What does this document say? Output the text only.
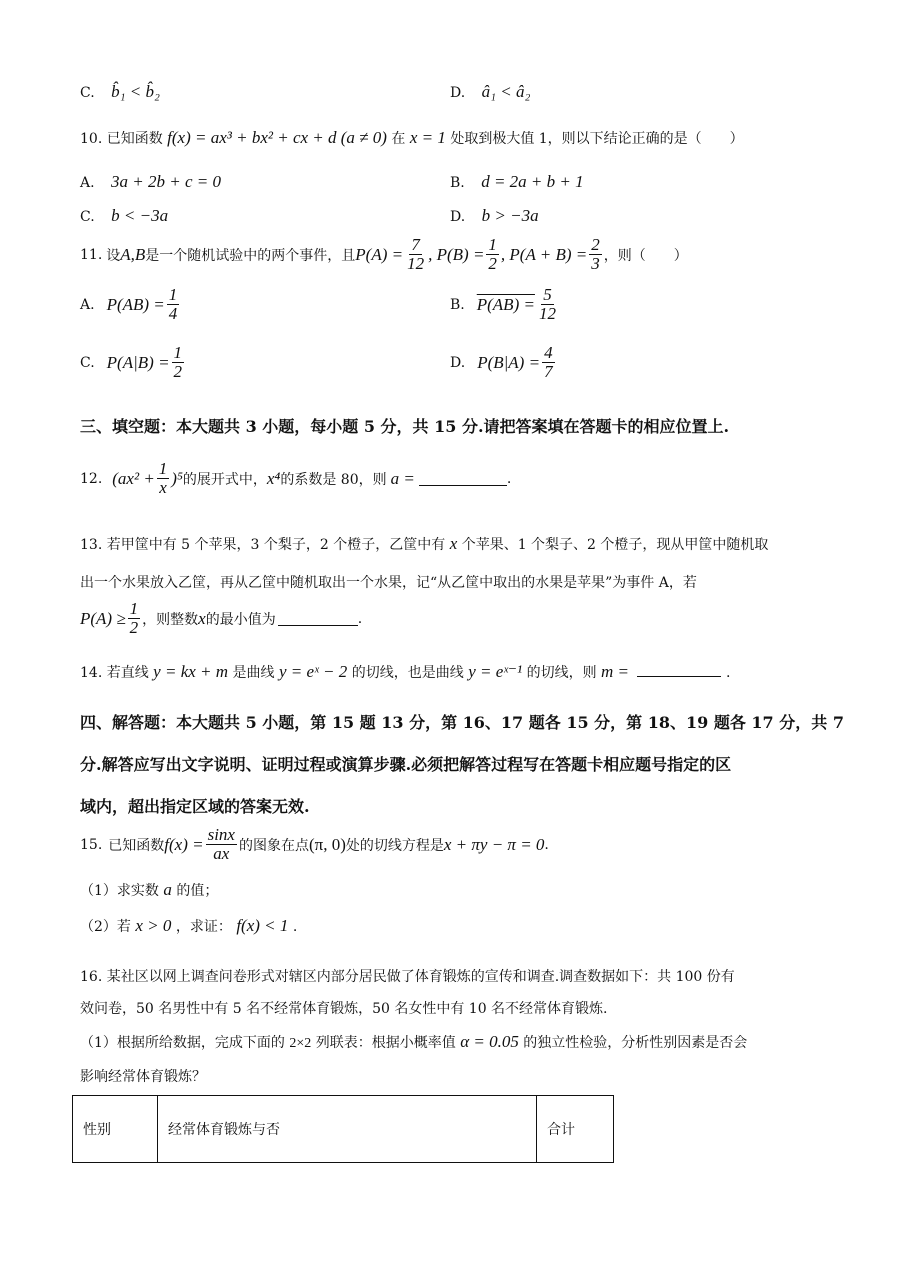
C. b̂₁ < b̂₂	D. â₁ < â₂
10. 已知函数 f(x) = ax³ + bx² + cx + d (a ≠ 0) 在 x = 1 处取到极大值 1，则以下结论正确的是（　　）
A. 3a + 2b + c = 0	B. d = 2a + b + 1
C. b < −3a	D. b > −3a
11. 设 A,B 是一个随机试验中的两个事件，且 $P(A) = \frac{7}{12}$ , $P(B) = \frac{1}{2}$ , $P(A + B) = \frac{2}{3}$ ，则（　　）
A. $P(AB) = \frac{1}{4}$	B. $P(AB) = \frac{5}{12}$
C. $P(A|B) = \frac{1}{2}$	D. $P(B|A) = \frac{4}{7}$
三、填空题：本大题共 3 小题，每小题 5 分，共 15 分.请把答案填在答题卡的相应位置上.
12. $(ax^2 + \frac{1}{x} )^5$ 的展开式中， x⁴ 的系数是 80，则 a =	.
13. 若甲筐中有 5 个苹果，3 个梨子，2 个橙子，乙筐中有 x 个苹果、1 个梨子、2 个橙子，现从甲筐中随机取
出一个水果放入乙筐，再从乙筐中随机取出一个水果，记“从乙筐中取出的水果是苹果”为事件 A，若
$P(A) \ge \frac{1}{2}$ ，则整数 x 的最小值为	.
14. 若直线 y = kx + m 是曲线 y = eˣ − 2 的切线，也是曲线 y = eˣ⁻¹ 的切线，则 m =	.
四、解答题：本大题共 5 小题，第 15 题 13 分，第 16、17 题各 15 分，第 18、19 题各 17 分，共 7
分.解答应写出文字说明、证明过程或演算步骤.必须把解答过程写在答题卡相应题号指定的区
域内，超出指定区域的答案无效.
15. 已知函数 $f(x) = \frac{\sin x}{ax}$ 的图象在点 (π, 0) 处的切线方程是 x + πy − π = 0 .
（1）求实数 a 的值；
（2）若 x > 0 ，求证： f(x) < 1 .
16. 某社区以网上调查问卷形式对辖区内部分居民做了体育锻炼的宣传和调查.调查数据如下：共 100 份有
效问卷，50 名男性中有 5 名不经常体育锻炼，50 名女性中有 10 名不经常体育锻炼.
（1）根据所给数据，完成下面的 2×2 列联表：根据小概率值 α = 0.05 的独立性检验，分析性别因素是否会
影响经常体育锻炼？
性别	经常体育锻炼与否	合计
